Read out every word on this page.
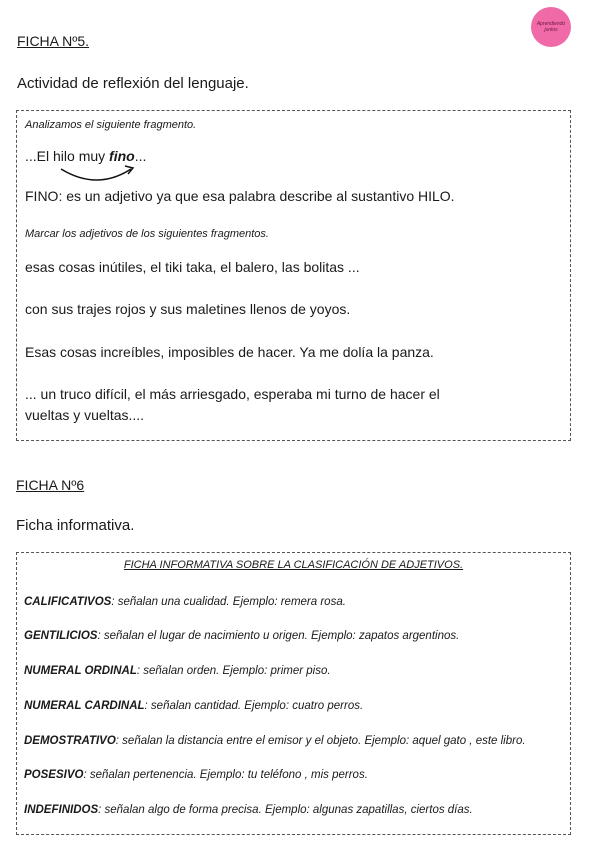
Aprendiendo juntos
FICHA Nº5.
Actividad de reflexión del lenguaje.
Analizamos el siguiente fragmento.
...El hilo muy fino...
FINO: es un adjetivo ya que esa palabra describe al sustantivo HILO.
Marcar los adjetivos de los siguientes fragmentos.
esas cosas inútiles, el tiki taka, el balero, las bolitas ...
con sus trajes rojos y sus maletines llenos de yoyos.
Esas cosas increíbles, imposibles de hacer. Ya me dolía la panza.
... un truco difícil, el más arriesgado, esperaba mi turno de hacer el
vueltas y vueltas....
FICHA Nº6
Ficha informativa.
FICHA INFORMATIVA SOBRE LA CLASIFICACIÓN DE ADJETIVOS.
CALIFICATIVOS: señalan una cualidad. Ejemplo: remera rosa.
GENTILICIOS: señalan el lugar de nacimiento u origen. Ejemplo: zapatos argentinos.
NUMERAL ORDINAL: señalan orden. Ejemplo: primer piso.
NUMERAL CARDINAL: señalan cantidad. Ejemplo: cuatro perros.
DEMOSTRATIVO: señalan la distancia entre el emisor y el objeto. Ejemplo: aquel gato , este libro.
POSESIVO: señalan pertenencia. Ejemplo: tu teléfono , mis perros.
INDEFINIDOS: señalan algo de forma precisa. Ejemplo: algunas zapatillas, ciertos días.
